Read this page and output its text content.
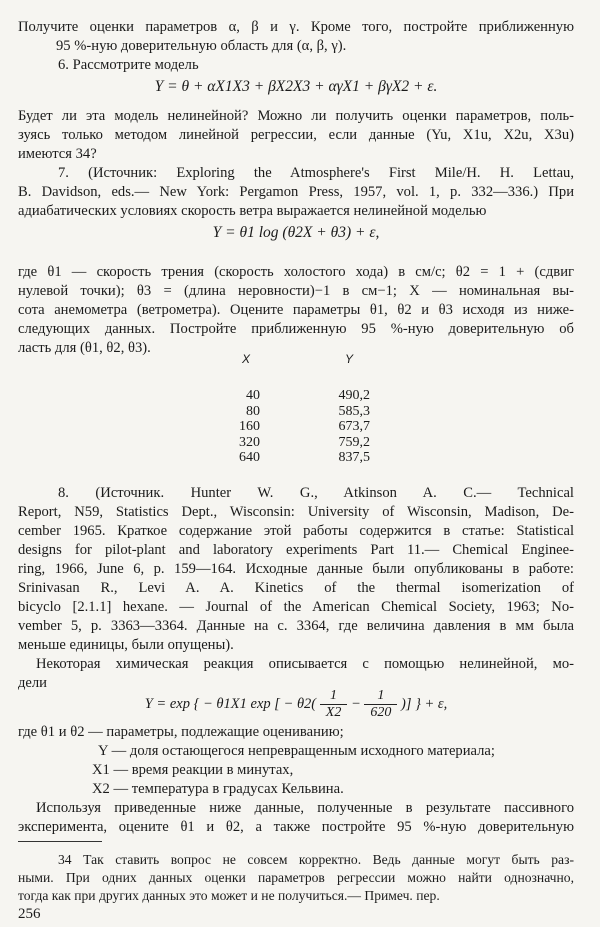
Получите оценки параметров α, β и γ. Кроме того, постройте приближенную
95 %-ную доверительную область для (α, β, γ).
6. Рассмотрите модель
Y = θ + αX1X3 + βX2X3 + αγX1 + βγX2 + ε.
Будет ли эта модель нелинейной? Можно ли получить оценки параметров, поль-
зуясь только методом линейной регрессии, если данные (Yu, X1u, X2u, X3u)
имеются 34?
7. (Источник: Exploring the Atmosphere's First Mile/H. H. Lettau,
B. Davidson, eds.— New York: Pergamon Press, 1957, vol. 1, p. 332—336.) При
адиабатических условиях скорость ветра выражается нелинейной моделью
Y = θ1 log (θ2X + θ3) + ε,
где θ1 — скорость трения (скорость холостого хода) в см/с; θ2 = 1 + (сдвиг
нулевой точки); θ3 = (длина неровности)−1 в см−1; X — номинальная вы-
сота анемометра (ветрометра). Оцените параметры θ1, θ2 и θ3 исходя из ниже-
следующих данных. Постройте приближенную 95 %-ную доверительную об
ласть для (θ1, θ2, θ3).
X	Y
40
80
160
320
640
490,2
585,3
673,7
759,2
837,5
8. (Источник. Hunter W. G., Atkinson A. C.— Technical
Report, N59, Statistics Dept., Wisconsin: University of Wisconsin, Madison, De-
cember 1965. Краткое содержание этой работы содержится в статье: Statistical
designs for pilot-plant and laboratory experiments Part 11.— Chemical Enginee-
ring, 1966, June 6, p. 159—164. Исходные данные были опубликованы в работе:
Srinivasan R., Levi A. A. Kinetics of the thermal isomerization of
bicyclo [2.1.1] hexane. — Journal of the American Chemical Society, 1963; No-
vember 5, p. 3363—3364. Данные на с. 3364, где величина давления в мм была
меньше единицы, были опущены).
Некоторая химическая реакция описывается с помощью нелинейной, мо-
дели
Y = exp { − θ1X1 exp [ − $\theta 2( \frac{1}{X2} - \frac{1}{620}$ )] } + ε,
где θ1 и θ2 — параметры, подлежащие оцениванию;
Y — доля остающегося непревращенным исходного материала;
X1 — время реакции в минутах,
X2 — температура в градусах Кельвина.
Используя приведенные ниже данные, полученные в результате пассивного
эксперимента, оцените θ1 и θ2, а также постройте 95 %-ную доверительную
34 Так ставить вопрос не совсем корректно. Ведь данные могут быть раз-
ными. При одних данных оценки параметров регрессии можно найти однозначно,
тогда как при других данных это может и не получиться.— Примеч. пер.
256
